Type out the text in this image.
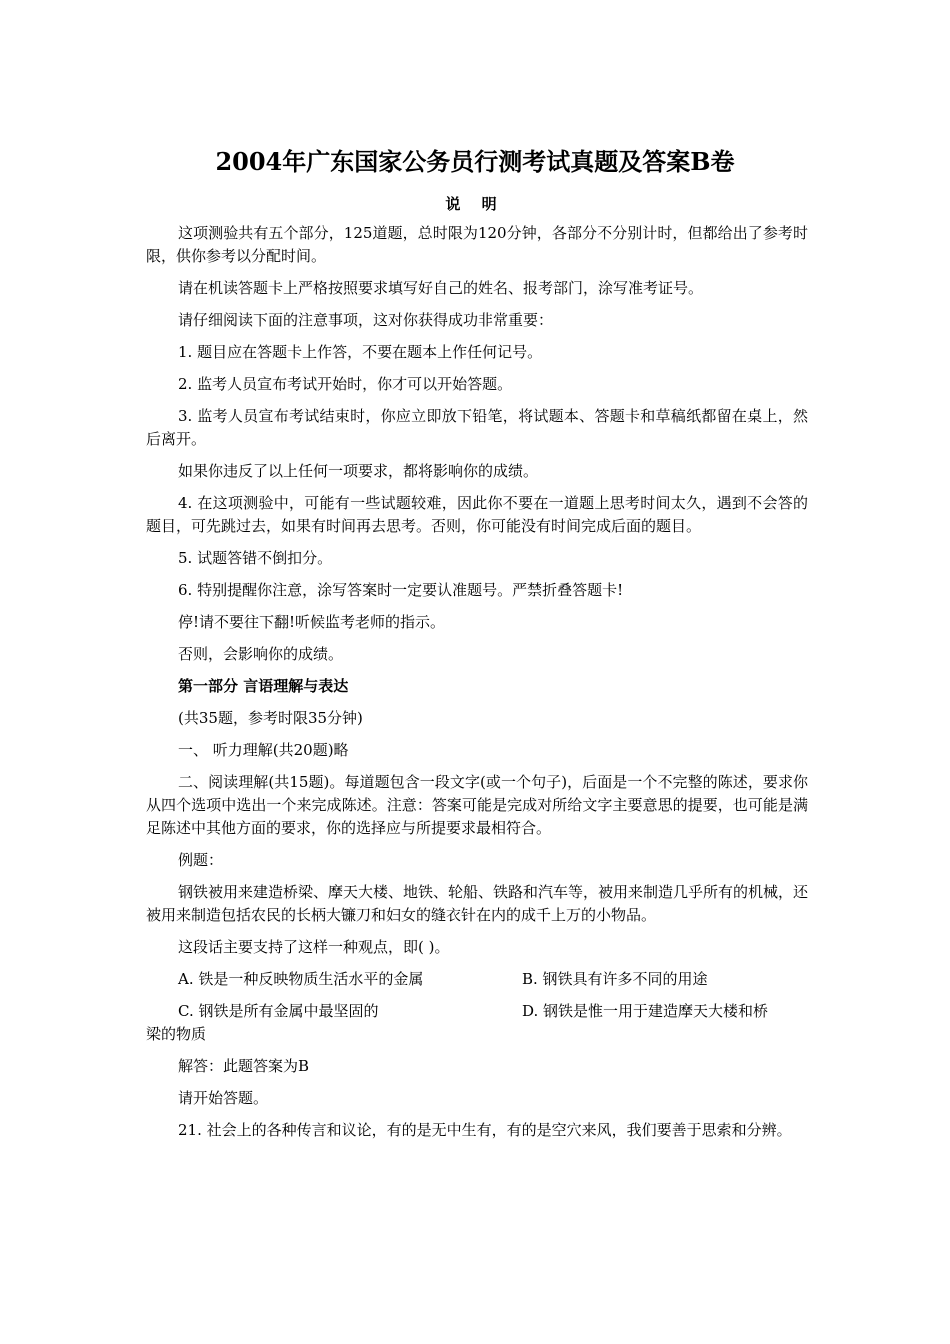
2004年广东国家公务员行测考试真题及答案B卷
说 明

这项测验共有五个部分，125道题，总时限为120分钟，各部分不分别计时，但都给出了参考时限，供你参考以分配时间。

请在机读答题卡上严格按照要求填写好自己的姓名、报考部门，涂写准考证号。

请仔细阅读下面的注意事项，这对你获得成功非常重要：

1. 题目应在答题卡上作答，不要在题本上作任何记号。

2. 监考人员宣布考试开始时，你才可以开始答题。

3. 监考人员宣布考试结束时，你应立即放下铅笔，将试题本、答题卡和草稿纸都留在桌上，然后离开。

如果你违反了以上任何一项要求，都将影响你的成绩。

4. 在这项测验中，可能有一些试题较难，因此你不要在一道题上思考时间太久，遇到不会答的题目，可先跳过去，如果有时间再去思考。否则，你可能没有时间完成后面的题目。

5. 试题答错不倒扣分。

6. 特别提醒你注意，涂写答案时一定要认准题号。严禁折叠答题卡!

停!请不要往下翻!听候监考老师的指示。

否则，会影响你的成绩。

第一部分 言语理解与表达

(共35题，参考时限35分钟)

一、 听力理解(共20题)略

二、阅读理解(共15题)。每道题包含一段文字(或一个句子)，后面是一个不完整的陈述，要求你从四个选项中选出一个来完成陈述。注意：答案可能是完成对所给文字主要意思的提要，也可能是满足陈述中其他方面的要求，你的选择应与所提要求最相符合。

例题：

钢铁被用来建造桥梁、摩天大楼、地铁、轮船、铁路和汽车等，被用来制造几乎所有的机械，还被用来制造包括农民的长柄大镰刀和妇女的缝衣针在内的成千上万的小物品。

这段话主要支持了这样一种观点，即( )。

A. 铁是一种反映物质生活水平的金属	B. 钢铁具有许多不同的用途
C. 钢铁是所有金属中最坚固的	D. 钢铁是惟一用于建造摩天大楼和桥
梁的物质

解答：此题答案为B

请开始答题。

21. 社会上的各种传言和议论，有的是无中生有，有的是空穴来风，我们要善于思索和分辨。
